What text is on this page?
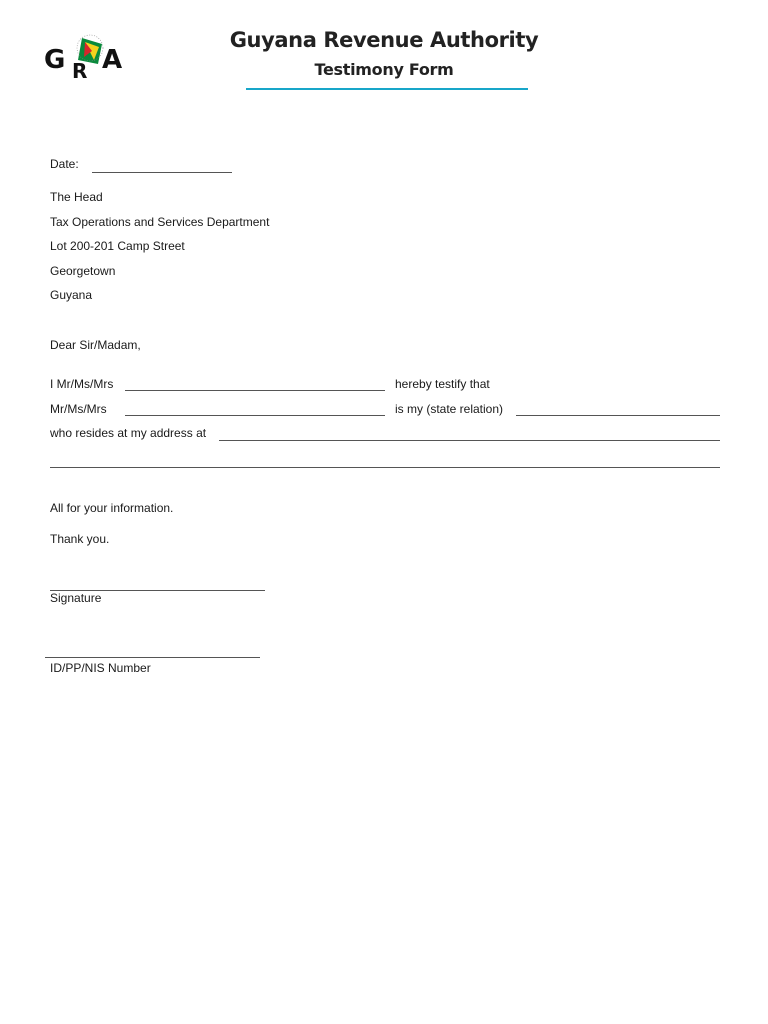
G R A
Guyana Revenue Authority
Testimony Form
Date:
The Head
Tax Operations and Services Department
Lot 200-201 Camp Street
Georgetown
Guyana
Dear Sir/Madam,
I Mr/Ms/Mrs	hereby testify that
Mr/Ms/Mrs	is my (state relation)
who resides at my address at
All for your information.
Thank you.
Signature
ID/PP/NIS Number
